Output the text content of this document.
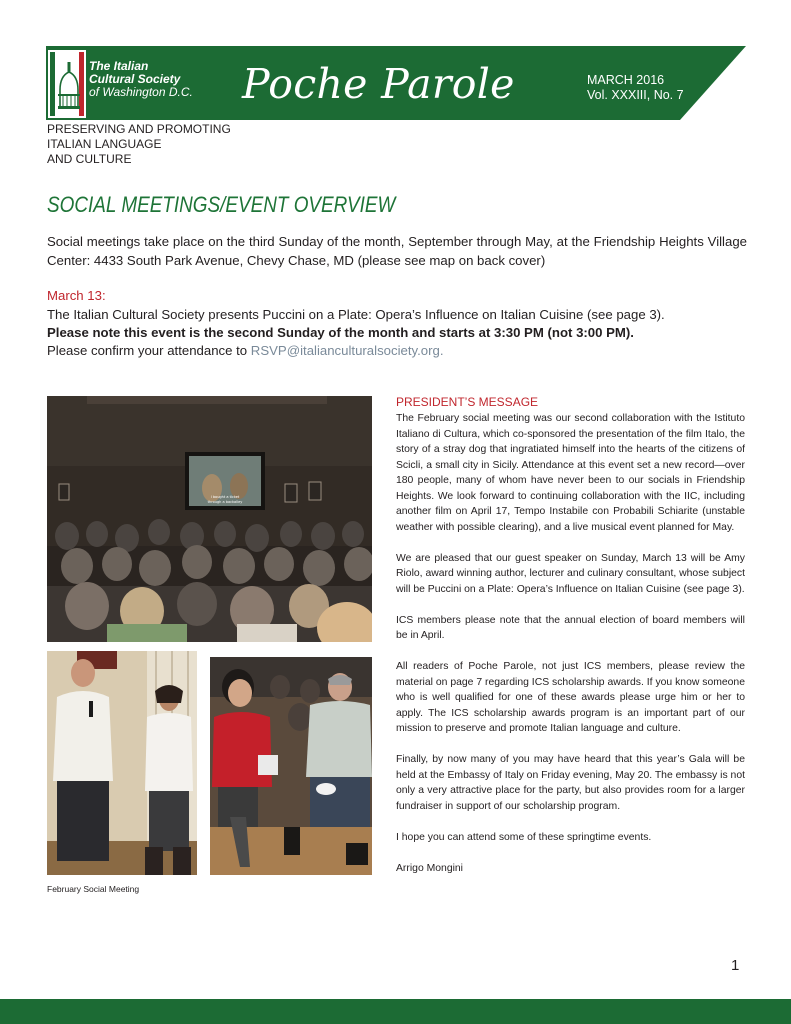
The Italian
Cultural Society
of Washington D.C. Poche Parole	MARCH 2016
Vol. XXXIII, No. 7
PRESERVING AND PROMOTING
ITALIAN LANGUAGE
AND CULTURE
SOCIAL MEETINGS/EVENT OVERVIEW

Social meetings take place on the third Sunday of the month, September through May, at the Friendship Heights Village Center: 4433 South Park Avenue, Chevy Chase, MD (please see map on back cover)

March 13:
The Italian Cultural Society presents Puccini on a Plate: Opera’s Influence on Italian Cuisine (see page 3).
Please note this event is the second Sunday of the month and starts at 3:30 PM (not 3:00 PM).
Please confirm your attendance to RSVP@italianculturalsociety.org.
I bought a ticket
through a backalley
February Social Meeting
PRESIDENT’S MESSAGE

The February social meeting was our second collaboration with the Istituto Italiano di Cultura, which co-sponsored the presentation of the film Italo, the story of a stray dog that ingratiated himself into the hearts of the citizens of Scicli, a small city in Sicily. Attendance at this event set a new record—over 180 people, many of whom have never been to our socials in Friendship Heights. We look forward to continuing collaboration with the IIC, including another film on April 17, Tempo Instabile con Probabili Schiarite (unstable weather with possible clearing), and a live musical event planned for May.

We are pleased that our guest speaker on Sunday, March 13 will be Amy Riolo, award winning author, lecturer and culinary consultant, whose subject will be Puccini on a Plate: Opera’s Influence on Italian Cuisine (see page 3).

ICS members please note that the annual election of board members will be in April.

All readers of Poche Parole, not just ICS members, please review the material on page 7 regarding ICS scholarship awards. If you know someone who is well qualified for one of these awards please urge him or her to apply. The ICS scholarship awards program is an important part of our mission to preserve and promote Italian language and culture.

Finally, by now many of you may have heard that this year’s Gala will be held at the Embassy of Italy on Friday evening, May 20. The embassy is not only a very attractive place for the party, but also provides room for a larger fundraiser in support of our scholarship program.

I hope you can attend some of these springtime events.

Arrigo Mongini

1
